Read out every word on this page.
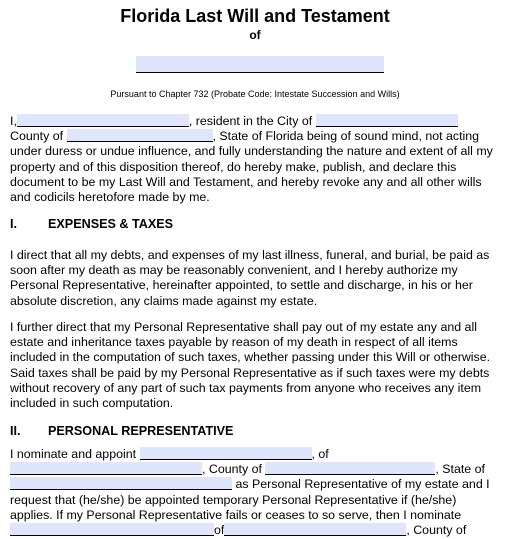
Florida Last Will and Testament
of
Pursuant to Chapter 732 (Probate Code: Intestate Succession and Wills)
I,	, resident in the City of
County of	, State of Florida being of sound mind, not acting
under duress or undue influence, and fully understanding the nature and extent of all my
property and of this disposition thereof, do hereby make, publish, and declare this
document to be my Last Will and Testament, and hereby revoke any and all other wills
and codicils heretofore made by me.
I. EXPENSES & TAXES
I direct that all my debts, and expenses of my last illness, funeral, and burial, be paid as
soon after my death as may be reasonably convenient, and I hereby authorize my
Personal Representative, hereinafter appointed, to settle and discharge, in his or her
absolute discretion, any claims made against my estate.
I further direct that my Personal Representative shall pay out of my estate any and all
estate and inheritance taxes payable by reason of my death in respect of all items
included in the computation of such taxes, whether passing under this Will or otherwise.
Said taxes shall be paid by my Personal Representative as if such taxes were my debts
without recovery of any part of such tax payments from anyone who receives any item
included in such computation.
II. PERSONAL REPRESENTATIVE
I nominate and appoint	, of
, County of	, State of
as Personal Representative of my estate and I
request that (he/she) be appointed temporary Personal Representative if (he/she)
applies. If my Personal Representative fails or ceases to so serve, then I nominate
of	, County of
